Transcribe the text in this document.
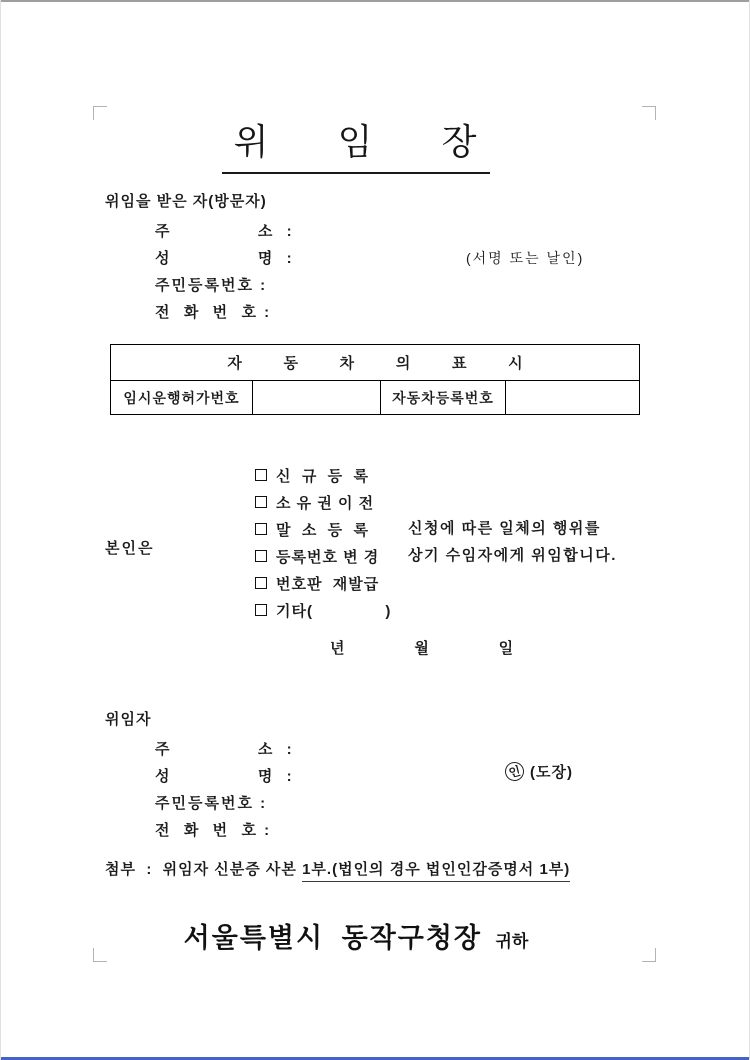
위     임     장
위임을 받은 자(방문자)
주              소  :
성              명  :	(서명 또는 날인)
주민등록번호 :
전  화  번  호 :
자          동          차          의          표          시
임시운행허가번호	자동차등록번호
본인은
신  규  등  록
소 유 권 이 전
말  소  등  록
등록번호 변 경
번호판  재발급
기타(              )
신청에 따른 일체의 행위를
상기 수임자에게 위임합니다.
년           월           일
위임자
주              소  :
성              명  :
주민등록번호 :
전  화  번  호 :
인 (도장)
첨부  :  위임자 신분증 사본 1부.(법인의 경우 법인인감증명서 1부)
서울특별시  동작구청장 귀하
